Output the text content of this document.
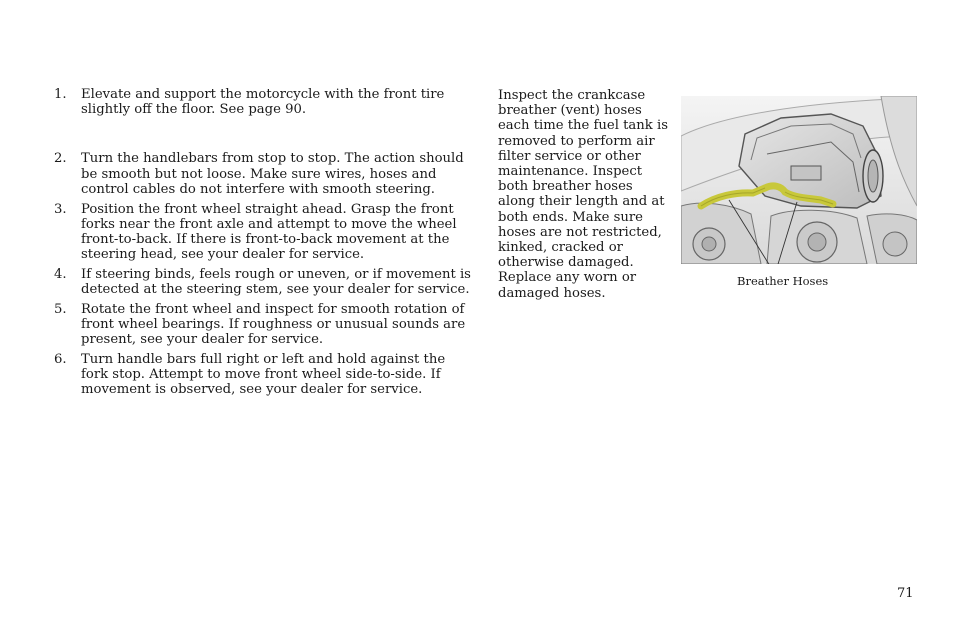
1.	Elevate and support the motorcycle with the front tire slightly off the floor. See page 90.
2.	Turn the handlebars from stop to stop. The action should be smooth but not loose. Make sure wires, hoses and control cables do not interfere with smooth steering.
3.	Position the front wheel straight ahead. Grasp the front forks near the front axle and attempt to move the wheel front-to-back. If there is front-to-back movement at the steering head, see your dealer for service.
4.	If steering binds, feels rough or uneven, or if movement is detected at the steering stem, see your dealer for service.
5.	Rotate the front wheel and inspect for smooth rotation of front wheel bearings. If roughness or unusual sounds are present, see your dealer for service.
6.	Turn handle bars full right or left and hold against the fork stop. Attempt to move front wheel side-to-side. If movement is observed, see your dealer for service.

Inspect the crankcase breather (vent) hoses each time the fuel tank is removed to perform air filter service or other maintenance. Inspect both breather hoses along their length and at both ends. Make sure hoses are not restricted, kinked, cracked or otherwise damaged. Replace any worn or damaged hoses.

Breather Hoses
71
